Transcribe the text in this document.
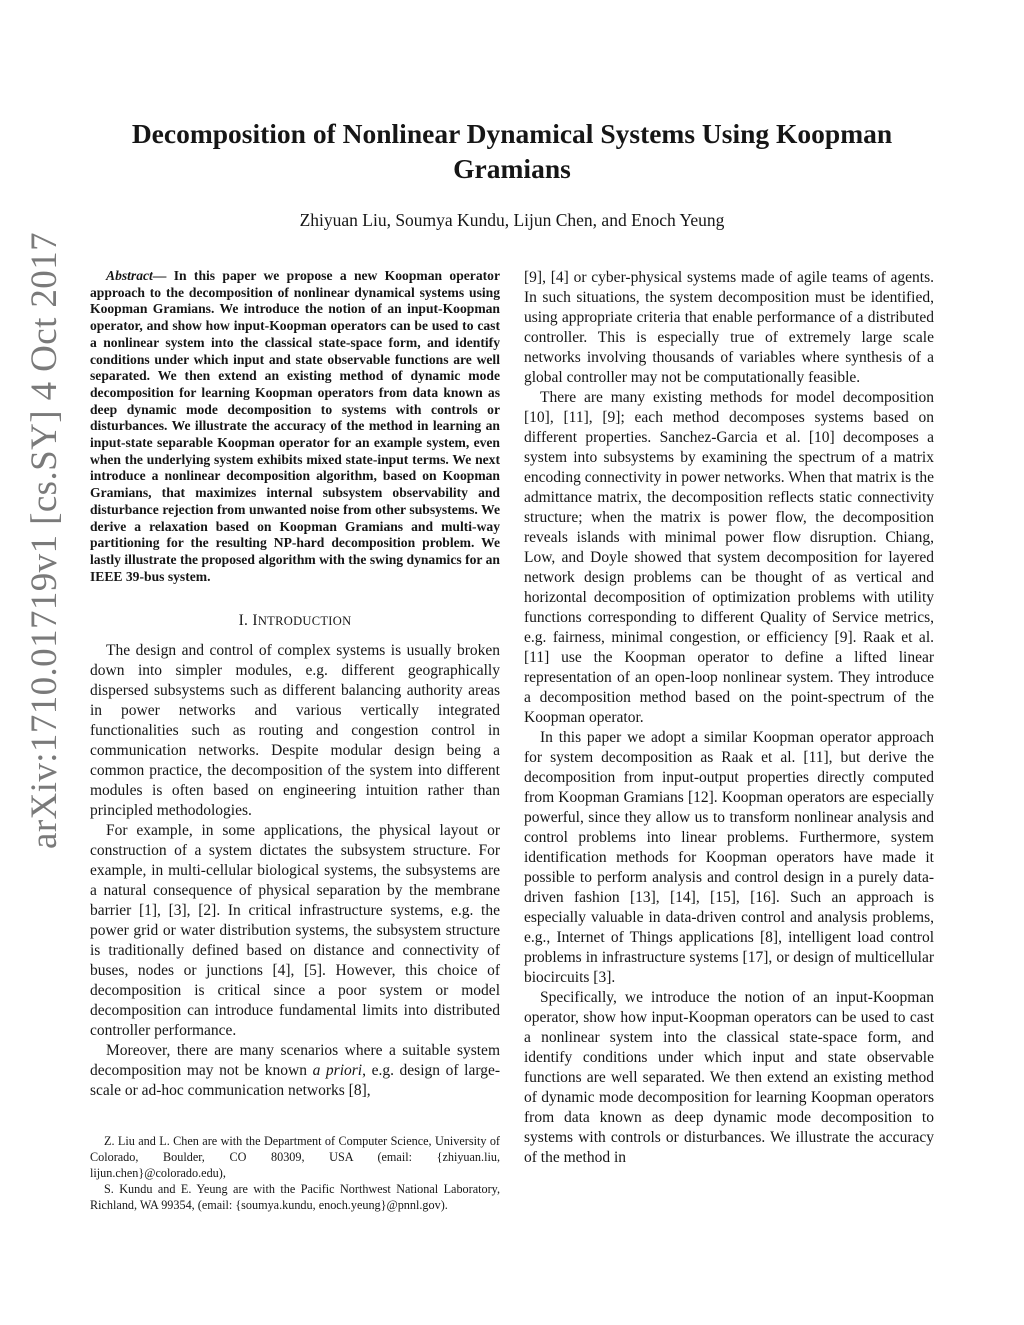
arXiv:1710.01719v1 [cs.SY] 4 Oct 2017
Decomposition of Nonlinear Dynamical Systems Using Koopman
Gramians

Zhiyuan Liu, Soumya Kundu, Lijun Chen, and Enoch Yeung

Abstract— In this paper we propose a new Koopman operator approach to the decomposition of nonlinear dynamical systems using Koopman Gramians. We introduce the notion of an input-Koopman operator, and show how input-Koopman operators can be used to cast a nonlinear system into the classical state-space form, and identify conditions under which input and state observable functions are well separated. We then extend an existing method of dynamic mode decomposition for learning Koopman operators from data known as deep dynamic mode decomposition to systems with controls or disturbances. We illustrate the accuracy of the method in learning an input-state separable Koopman operator for an example system, even when the underlying system exhibits mixed state-input terms. We next introduce a nonlinear decomposition algorithm, based on Koopman Gramians, that maximizes internal subsystem observability and disturbance rejection from unwanted noise from other subsystems. We derive a relaxation based on Koopman Gramians and multi-way partitioning for the resulting NP-hard decomposition problem. We lastly illustrate the proposed algorithm with the swing dynamics for an IEEE 39-bus system.

I. INTRODUCTION

The design and control of complex systems is usually broken down into simpler modules, e.g. different geographically dispersed subsystems such as different balancing authority areas in power networks and various vertically integrated functionalities such as routing and congestion control in communication networks. Despite modular design being a common practice, the decomposition of the system into different modules is often based on engineering intuition rather than principled methodologies.

For example, in some applications, the physical layout or construction of a system dictates the subsystem structure. For example, in multi-cellular biological systems, the subsystems are a natural consequence of physical separation by the membrane barrier [1], [3], [2]. In critical infrastructure systems, e.g. the power grid or water distribution systems, the subsystem structure is traditionally defined based on distance and connectivity of buses, nodes or junctions [4], [5]. However, this choice of decomposition is critical since a poor system or model decomposition can introduce fundamental limits into distributed controller performance.

Moreover, there are many scenarios where a suitable system decomposition may not be known a priori, e.g. design of large-scale or ad-hoc communication networks [8],

Z. Liu and L. Chen are with the Department of Computer Science, University of Colorado, Boulder, CO 80309, USA (email: {zhiyuan.liu, lijun.chen}@colorado.edu),

S. Kundu and E. Yeung are with the Pacific Northwest National Laboratory, Richland, WA 99354, (email: {soumya.kundu, enoch.yeung}@pnnl.gov).

[9], [4] or cyber-physical systems made of agile teams of agents. In such situations, the system decomposition must be identified, using appropriate criteria that enable performance of a distributed controller. This is especially true of extremely large scale networks involving thousands of variables where synthesis of a global controller may not be computationally feasible.

There are many existing methods for model decomposition [10], [11], [9]; each method decomposes systems based on different properties. Sanchez-Garcia et al. [10] decomposes a system into subsystems by examining the spectrum of a matrix encoding connectivity in power networks. When that matrix is the admittance matrix, the decomposition reflects static connectivity structure; when the matrix is power flow, the decomposition reveals islands with minimal power flow disruption. Chiang, Low, and Doyle showed that system decomposition for layered network design problems can be thought of as vertical and horizontal decomposition of optimization problems with utility functions corresponding to different Quality of Service metrics, e.g. fairness, minimal congestion, or efficiency [9]. Raak et al. [11] use the Koopman operator to define a lifted linear representation of an open-loop nonlinear system. They introduce a decomposition method based on the point-spectrum of the Koopman operator.

In this paper we adopt a similar Koopman operator approach for system decomposition as Raak et al. [11], but derive the decomposition from input-output properties directly computed from Koopman Gramians [12]. Koopman operators are especially powerful, since they allow us to transform nonlinear analysis and control problems into linear problems. Furthermore, system identification methods for Koopman operators have made it possible to perform analysis and control design in a purely data-driven fashion [13], [14], [15], [16]. Such an approach is especially valuable in data-driven control and analysis problems, e.g., Internet of Things applications [8], intelligent load control problems in infrastructure systems [17], or design of multicellular biocircuits [3].

Specifically, we introduce the notion of an input-Koopman operator, show how input-Koopman operators can be used to cast a nonlinear system into the classical state-space form, and identify conditions under which input and state observable functions are well separated. We then extend an existing method of dynamic mode decomposition for learning Koopman operators from data known as deep dynamic mode decomposition to systems with controls or disturbances. We illustrate the accuracy of the method in
